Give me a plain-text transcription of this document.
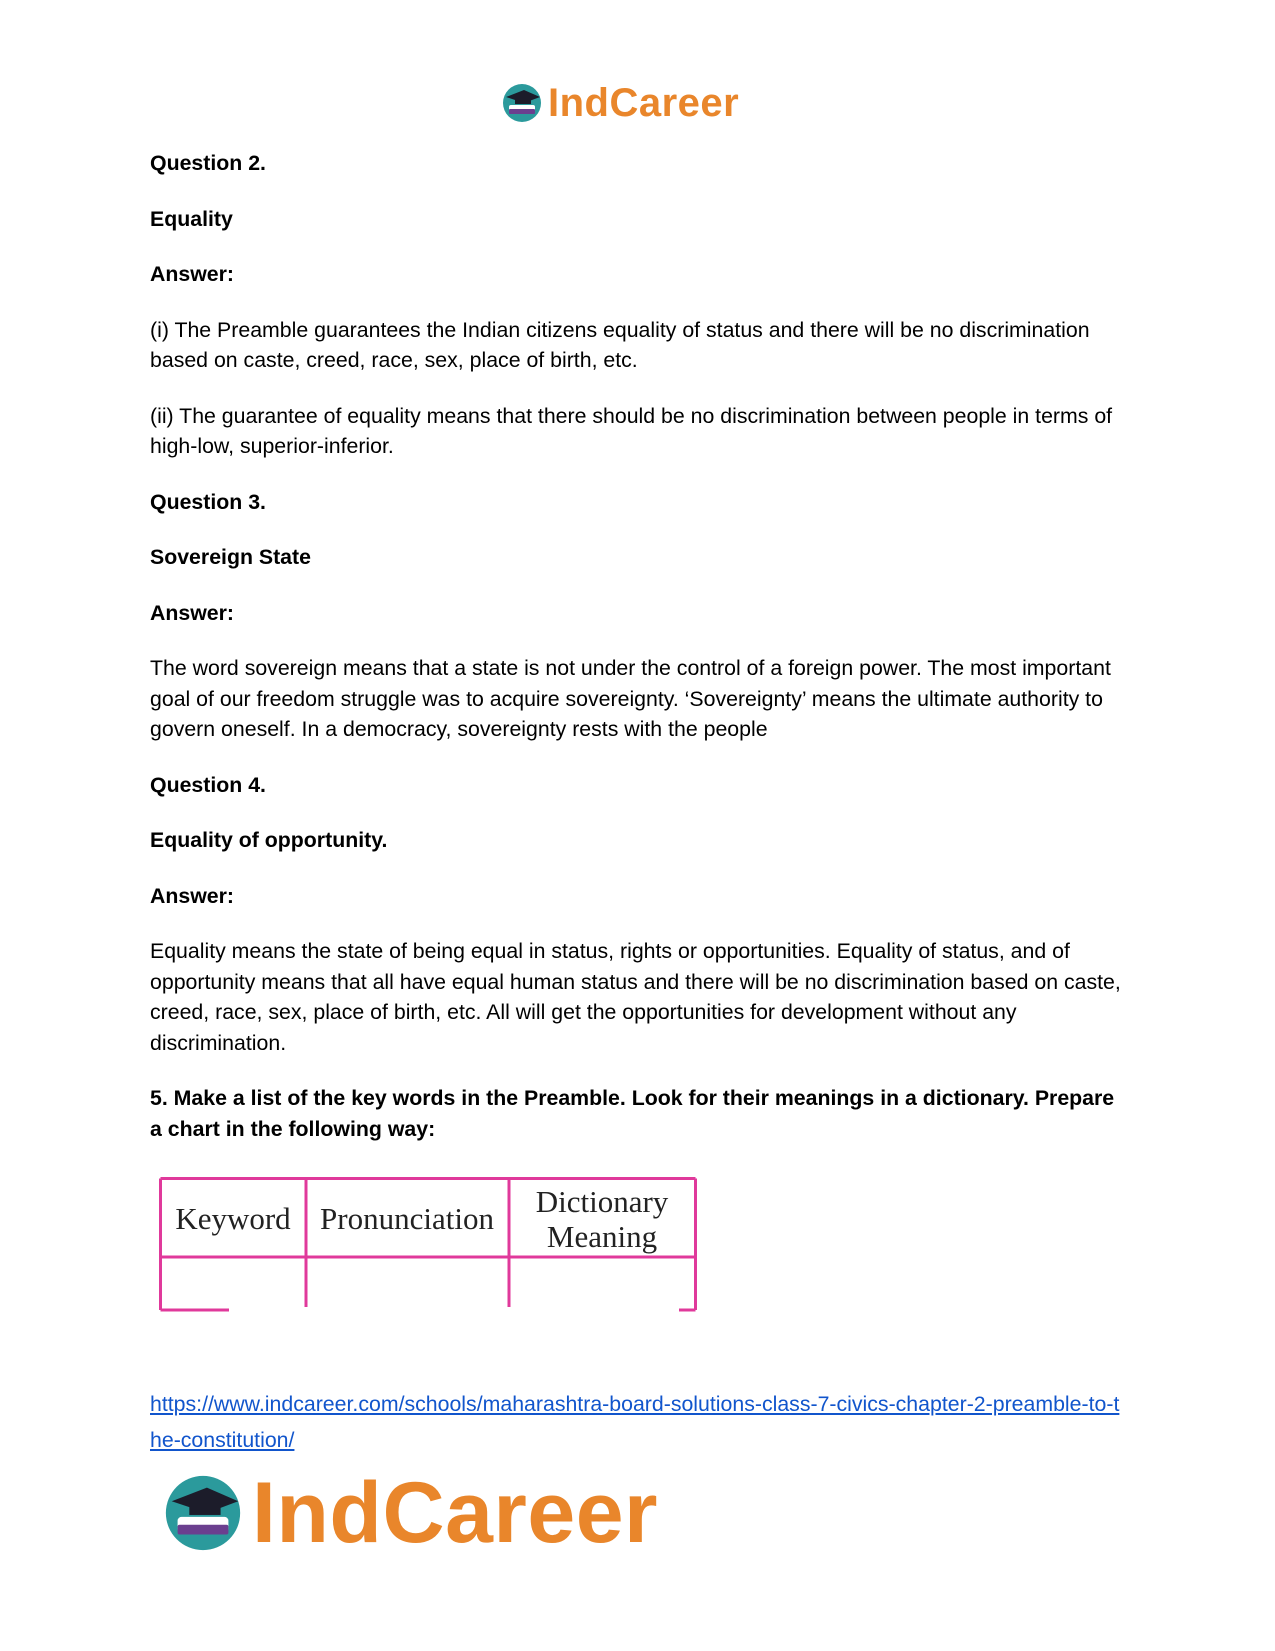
IndCareer

Question 2.

Equality

Answer:

(i) The Preamble guarantees the Indian citizens equality of status and there will be no discrimination based on caste, creed, race, sex, place of birth, etc.

(ii) The guarantee of equality means that there should be no discrimination between people in terms of high-low, superior-inferior.

Question 3.

Sovereign State

Answer:

The word sovereign means that a state is not under the control of a foreign power. The most important goal of our freedom struggle was to acquire sovereignty. ‘Sovereignty’ means the ultimate authority to govern oneself. In a democracy, sovereignty rests with the people

Question 4.

Equality of opportunity.

Answer:

Equality means the state of being equal in status, rights or opportunities. Equality of status, and of opportunity means that all have equal human status and there will be no discrimination based on caste, creed, race, sex, place of birth, etc. All will get the opportunities for development without any discrimination.

5. Make a list of the key words in the Preamble. Look for their meanings in a dictionary. Prepare a chart in the following way:

Keyword Pronunciation Dictionary
Meaning
https://www.indcareer.com/schools/maharashtra-board-solutions-class-7-civics-chapter-2-preamble-to-the-constitution/
IndCareer
